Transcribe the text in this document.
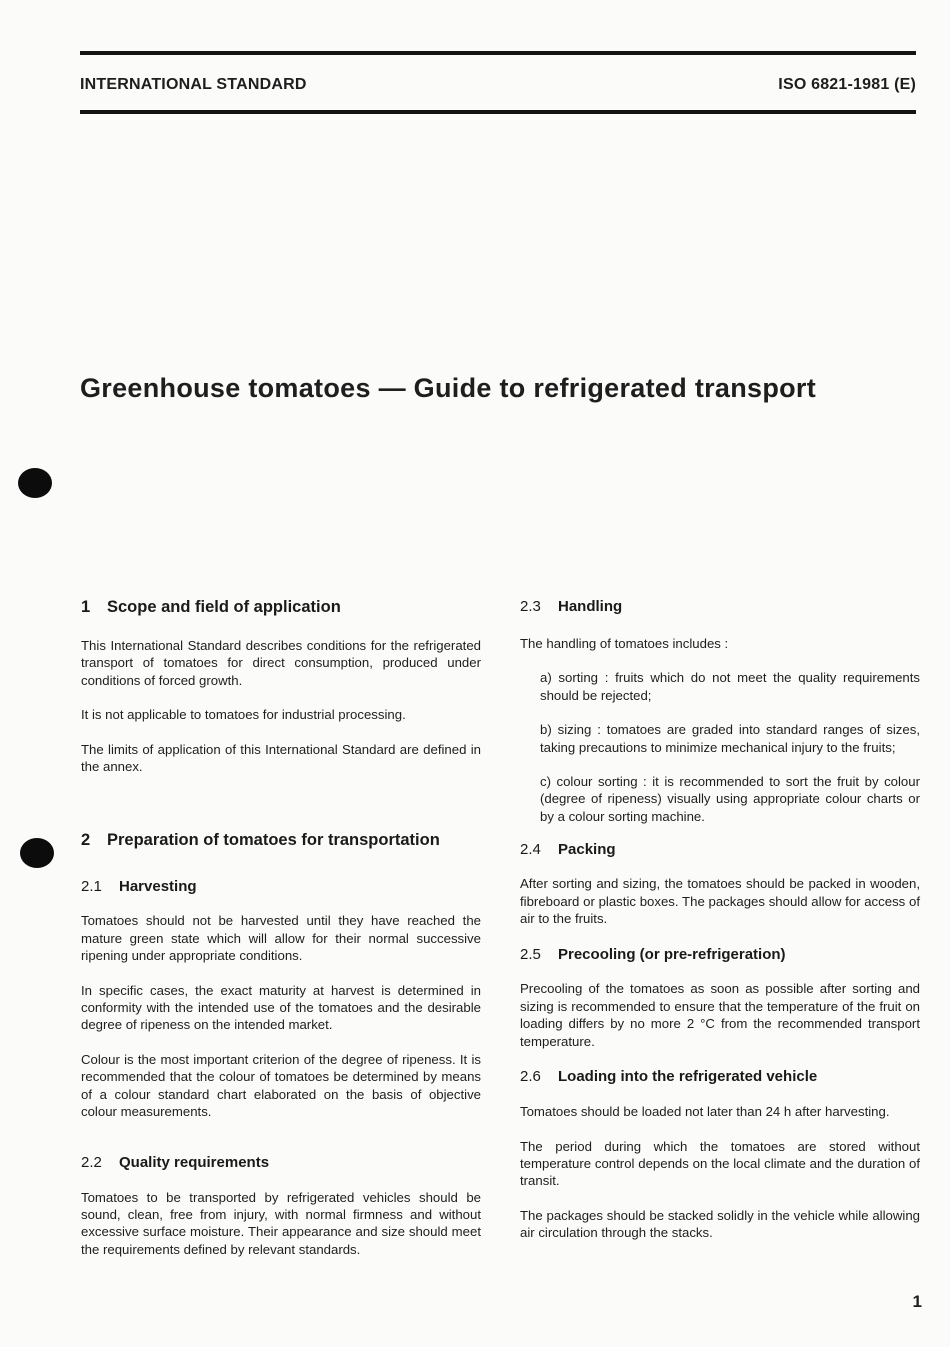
INTERNATIONAL STANDARD	ISO 6821-1981 (E)
Greenhouse tomatoes — Guide to refrigerated transport
1 Scope and field of application

This International Standard describes conditions for the refrigerated transport of tomatoes for direct consumption, produced under conditions of forced growth.

It is not applicable to tomatoes for industrial processing.

The limits of application of this International Standard are defined in the annex.

2 Preparation of tomatoes for transportation
2.1 Harvesting

Tomatoes should not be harvested until they have reached the mature green state which will allow for their normal successive ripening under appropriate conditions.

In specific cases, the exact maturity at harvest is determined in conformity with the intended use of the tomatoes and the desirable degree of ripeness on the intended market.

Colour is the most important criterion of the degree of ripeness. It is recommended that the colour of tomatoes be determined by means of a colour standard chart elaborated on the basis of objective colour measurements.

2.2 Quality requirements

Tomatoes to be transported by refrigerated vehicles should be sound, clean, free from injury, with normal firmness and without excessive surface moisture. Their appearance and size should meet the requirements defined by relevant standards.

2.3 Handling

The handling of tomatoes includes :

a) sorting : fruits which do not meet the quality requirements should be rejected;

b) sizing : tomatoes are graded into standard ranges of sizes, taking precautions to minimize mechanical injury to the fruits;

c) colour sorting : it is recommended to sort the fruit by colour (degree of ripeness) visually using appropriate colour charts or by a colour sorting machine.

2.4 Packing

After sorting and sizing, the tomatoes should be packed in wooden, fibreboard or plastic boxes. The packages should allow for access of air to the fruits.

2.5 Precooling (or pre-refrigeration)

Precooling of the tomatoes as soon as possible after sorting and sizing is recommended to ensure that the temperature of the fruit on loading differs by no more 2 °C from the recommended transport temperature.

2.6 Loading into the refrigerated vehicle

Tomatoes should be loaded not later than 24 h after harvesting.

The period during which the tomatoes are stored without temperature control depends on the local climate and the duration of transit.

The packages should be stacked solidly in the vehicle while allowing air circulation through the stacks.

1
